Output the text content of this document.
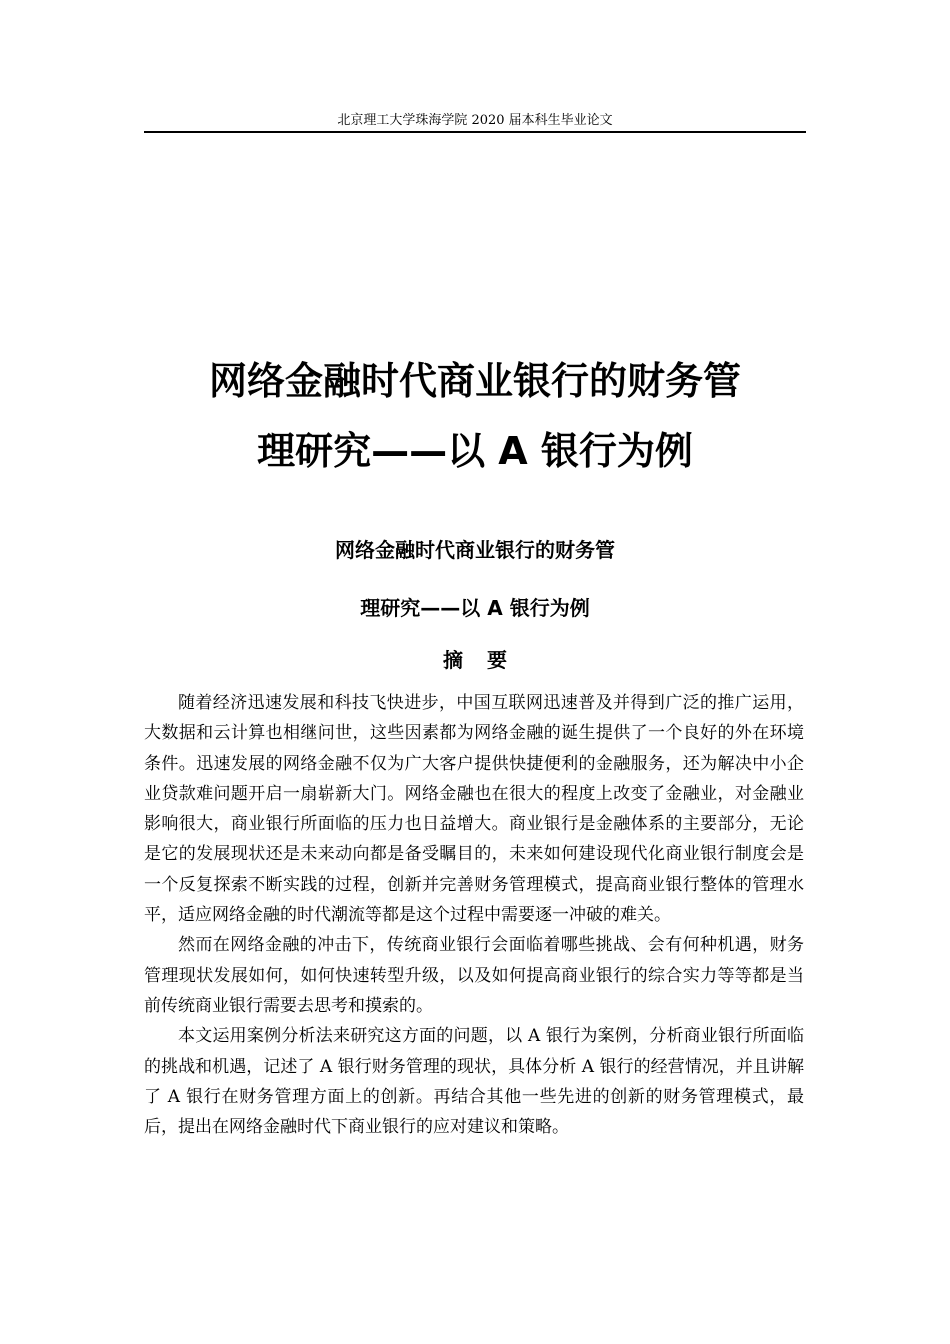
北京理工大学珠海学院 2020 届本科生毕业论文
网络金融时代商业银行的财务管
理研究——以 A 银行为例
网络金融时代商业银行的财务管
理研究——以 A 银行为例
摘要

随着经济迅速发展和科技飞快进步，中国互联网迅速普及并得到广泛的推广运用，大数据和云计算也相继问世，这些因素都为网络金融的诞生提供了一个良好的外在环境条件。迅速发展的网络金融不仅为广大客户提供快捷便利的金融服务，还为解决中小企业贷款难问题开启一扇崭新大门。网络金融也在很大的程度上改变了金融业，对金融业影响很大，商业银行所面临的压力也日益增大。商业银行是金融体系的主要部分，无论是它的发展现状还是未来动向都是备受瞩目的，未来如何建设现代化商业银行制度会是一个反复探索不断实践的过程，创新并完善财务管理模式，提高商业银行整体的管理水平，适应网络金融的时代潮流等都是这个过程中需要逐一冲破的难关。

然而在网络金融的冲击下，传统商业银行会面临着哪些挑战、会有何种机遇，财务管理现状发展如何，如何快速转型升级，以及如何提高商业银行的综合实力等等都是当前传统商业银行需要去思考和摸索的。

本文运用案例分析法来研究这方面的问题，以 A 银行为案例，分析商业银行所面临的挑战和机遇，记述了 A 银行财务管理的现状，具体分析 A 银行的经营情况，并且讲解了 A 银行在财务管理方面上的创新。再结合其他一些先进的创新的财务管理模式，最后，提出在网络金融时代下商业银行的应对建议和策略。
